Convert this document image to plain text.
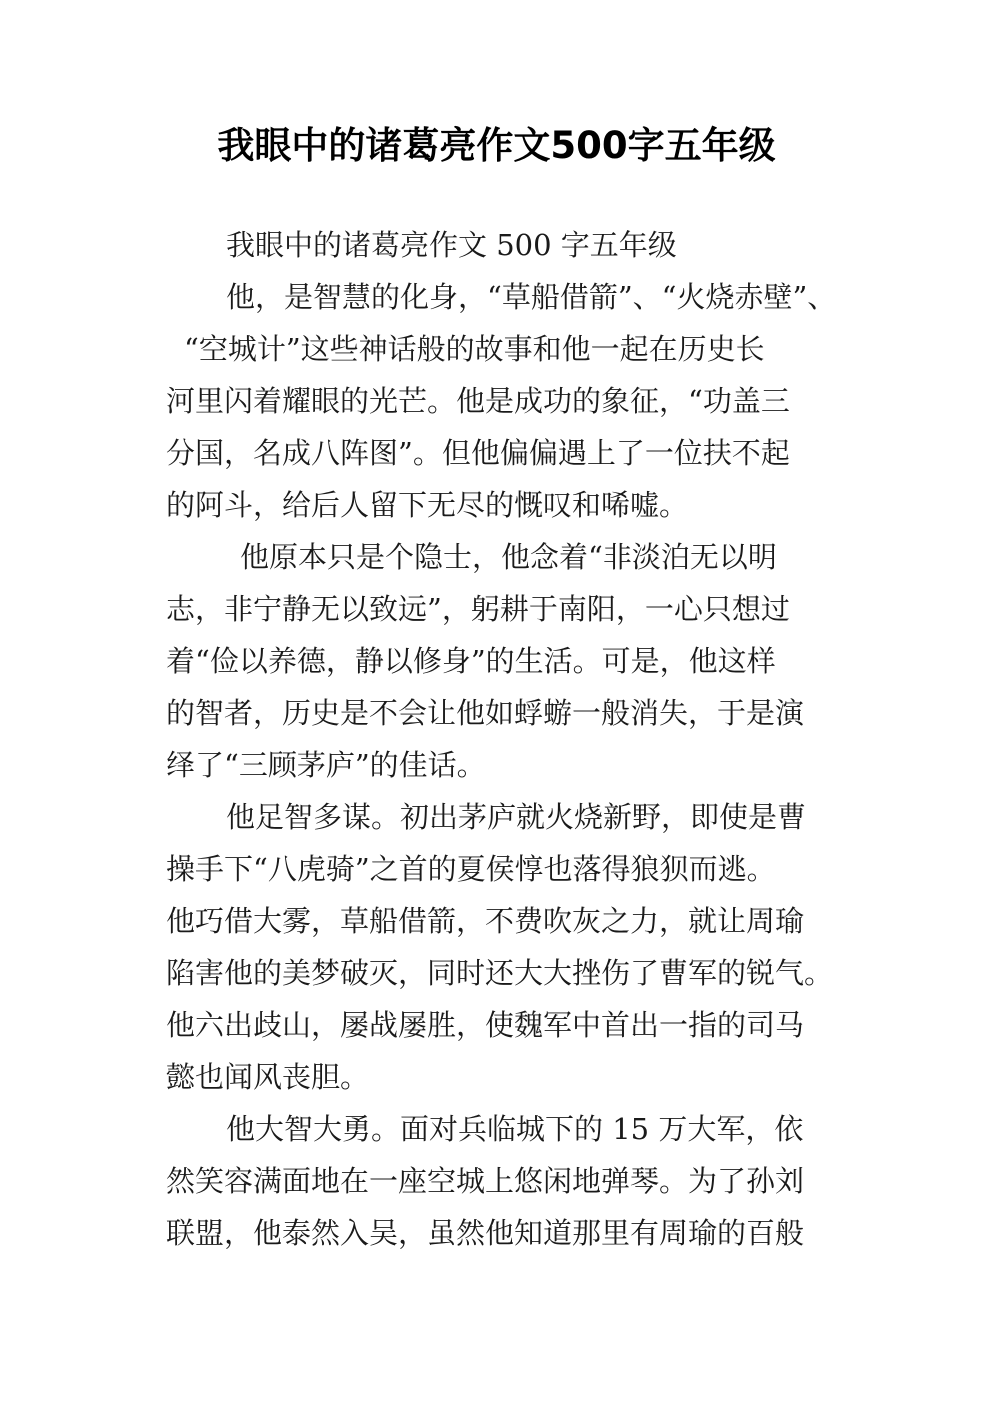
我眼中的诸葛亮作文500字五年级
我眼中的诸葛亮作文 500 字五年级
他，是智慧的化身，“草船借箭”、“火烧赤壁”、
“空城计”这些神话般的故事和他一起在历史长
河里闪着耀眼的光芒。他是成功的象征，“功盖三
分国，名成八阵图”。但他偏偏遇上了一位扶不起
的阿斗，给后人留下无尽的慨叹和唏嘘。
他原本只是个隐士，他念着“非淡泊无以明
志，非宁静无以致远”，躬耕于南阳，一心只想过
着“俭以养德，静以修身”的生活。可是，他这样
的智者，历史是不会让他如蜉蝣一般消失，于是演
绎了“三顾茅庐”的佳话。
他足智多谋。初出茅庐就火烧新野，即使是曹
操手下“八虎骑”之首的夏侯惇也落得狼狈而逃。
他巧借大雾，草船借箭，不费吹灰之力，就让周瑜
陷害他的美梦破灭，同时还大大挫伤了曹军的锐气。
他六出歧山，屡战屡胜，使魏军中首出一指的司马
懿也闻风丧胆。
他大智大勇。面对兵临城下的 15 万大军，依
然笑容满面地在一座空城上悠闲地弹琴。为了孙刘
联盟，他泰然入吴，虽然他知道那里有周瑜的百般
